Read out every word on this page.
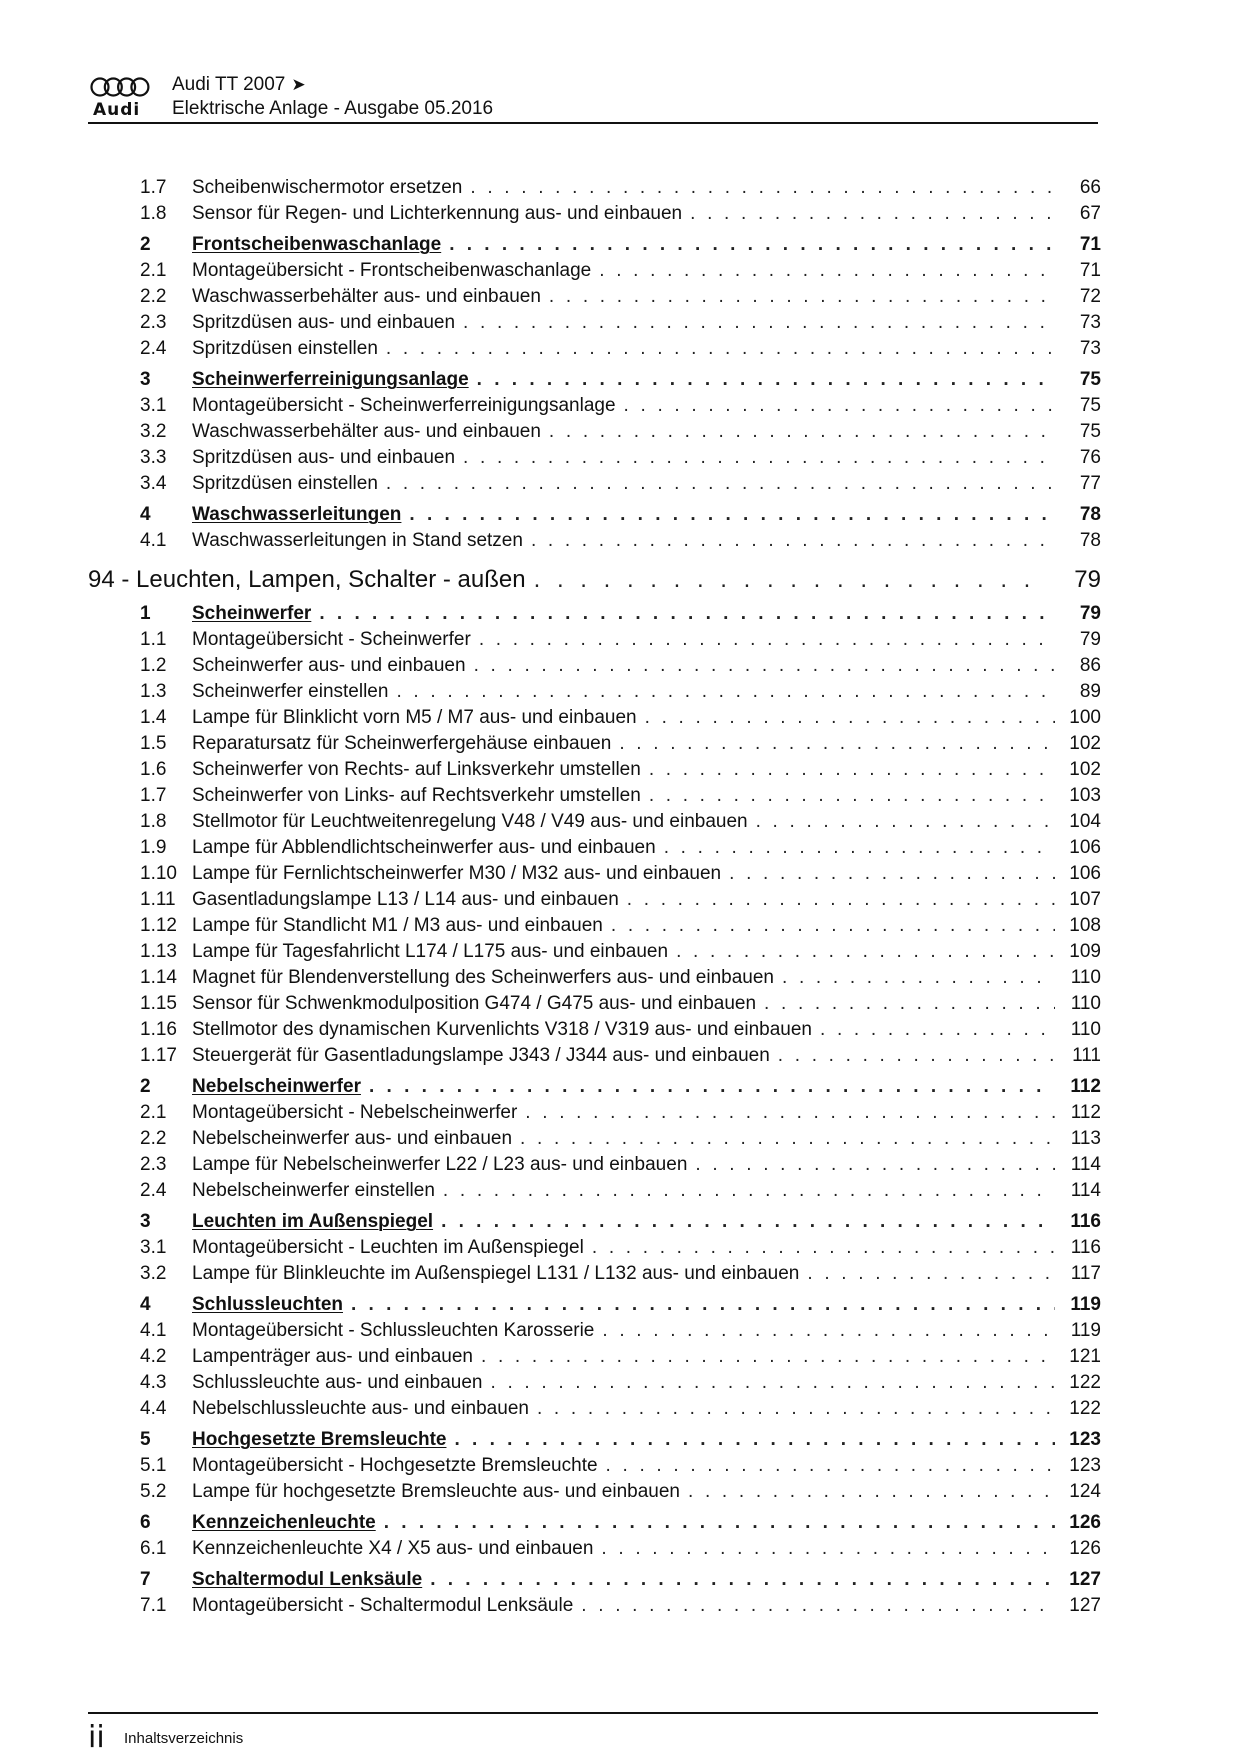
Audi
Audi TT 2007 ➤
Elektrische Anlage - Ausgabe 05.2016
1.7	Scheibenwischermotor ersetzen . . .	66
1.8	Sensor für Regen- und Lichterkennung aus- und einbauen . . .	67
2	Frontscheibenwaschanlage . . .	71
2.1	Montageübersicht - Frontscheibenwaschanlage . . .	71
2.2	Waschwasserbehälter aus- und einbauen . . .	72
2.3	Spritzdüsen aus- und einbauen . . .	73
2.4	Spritzdüsen einstellen . . .	73
3	Scheinwerferreinigungsanlage . . .	75
3.1	Montageübersicht - Scheinwerferreinigungsanlage . . .	75
3.2	Waschwasserbehälter aus- und einbauen . . .	75
3.3	Spritzdüsen aus- und einbauen . . .	76
3.4	Spritzdüsen einstellen . . .	77
4	Waschwasserleitungen . . .	78
4.1	Waschwasserleitungen in Stand setzen . . .	78
94 - Leuchten, Lampen, Schalter - außen . . .	79
1	Scheinwerfer . . .	79
1.1	Montageübersicht - Scheinwerfer . . .	79
1.2	Scheinwerfer aus- und einbauen . . .	86
1.3	Scheinwerfer einstellen . . .	89
1.4	Lampe für Blinklicht vorn M5 / M7 aus- und einbauen . . .	100
1.5	Reparatursatz für Scheinwerfergehäuse einbauen . . .	102
1.6	Scheinwerfer von Rechts- auf Linksverkehr umstellen . . .	102
1.7	Scheinwerfer von Links- auf Rechtsverkehr umstellen . . .	103
1.8	Stellmotor für Leuchtweitenregelung V48 / V49 aus- und einbauen . . .	104
1.9	Lampe für Abblendlichtscheinwerfer aus- und einbauen . . .	106
1.10 Lampe für Fernlichtscheinwerfer M30 / M32 aus- und einbauen . . .	106
1.11 Gasentladungslampe L13 / L14 aus- und einbauen . . .	107
1.12 Lampe für Standlicht M1 / M3 aus- und einbauen . . .	108
1.13 Lampe für Tagesfahrlicht L174 / L175 aus- und einbauen . . .	109
1.14 Magnet für Blendenverstellung des Scheinwerfers aus- und einbauen . . .	110
1.15 Sensor für Schwenkmodulposition G474 / G475 aus- und einbauen . . .	110
1.16 Stellmotor des dynamischen Kurvenlichts V318 / V319 aus- und einbauen . . .	110
1.17 Steuergerät für Gasentladungslampe J343 / J344 aus- und einbauen . . .	111
2	Nebelscheinwerfer . . .	112
2.1	Montageübersicht - Nebelscheinwerfer . . .	112
2.2	Nebelscheinwerfer aus- und einbauen . . .	113
2.3	Lampe für Nebelscheinwerfer L22 / L23 aus- und einbauen . . .	114
2.4	Nebelscheinwerfer einstellen . . .	114
3	Leuchten im Außenspiegel . . .	116
3.1	Montageübersicht - Leuchten im Außenspiegel . . .	116
3.2	Lampe für Blinkleuchte im Außenspiegel L131 / L132 aus- und einbauen . . .	117
4	Schlussleuchten . . .	119
4.1	Montageübersicht - Schlussleuchten Karosserie . . .	119
4.2	Lampenträger aus- und einbauen . . .	121
4.3	Schlussleuchte aus- und einbauen . . .	122
4.4	Nebelschlussleuchte aus- und einbauen . . .	122
5	Hochgesetzte Bremsleuchte . . .	123
5.1	Montageübersicht - Hochgesetzte Bremsleuchte . . .	123
5.2	Lampe für hochgesetzte Bremsleuchte aus- und einbauen . . .	124
6	Kennzeichenleuchte . . .	126
6.1	Kennzeichenleuchte X4 / X5 aus- und einbauen . . .	126
7	Schaltermodul Lenksäule . . .	127
7.1	Montageübersicht - Schaltermodul Lenksäule . . .	127
ii Inhaltsverzeichnis
